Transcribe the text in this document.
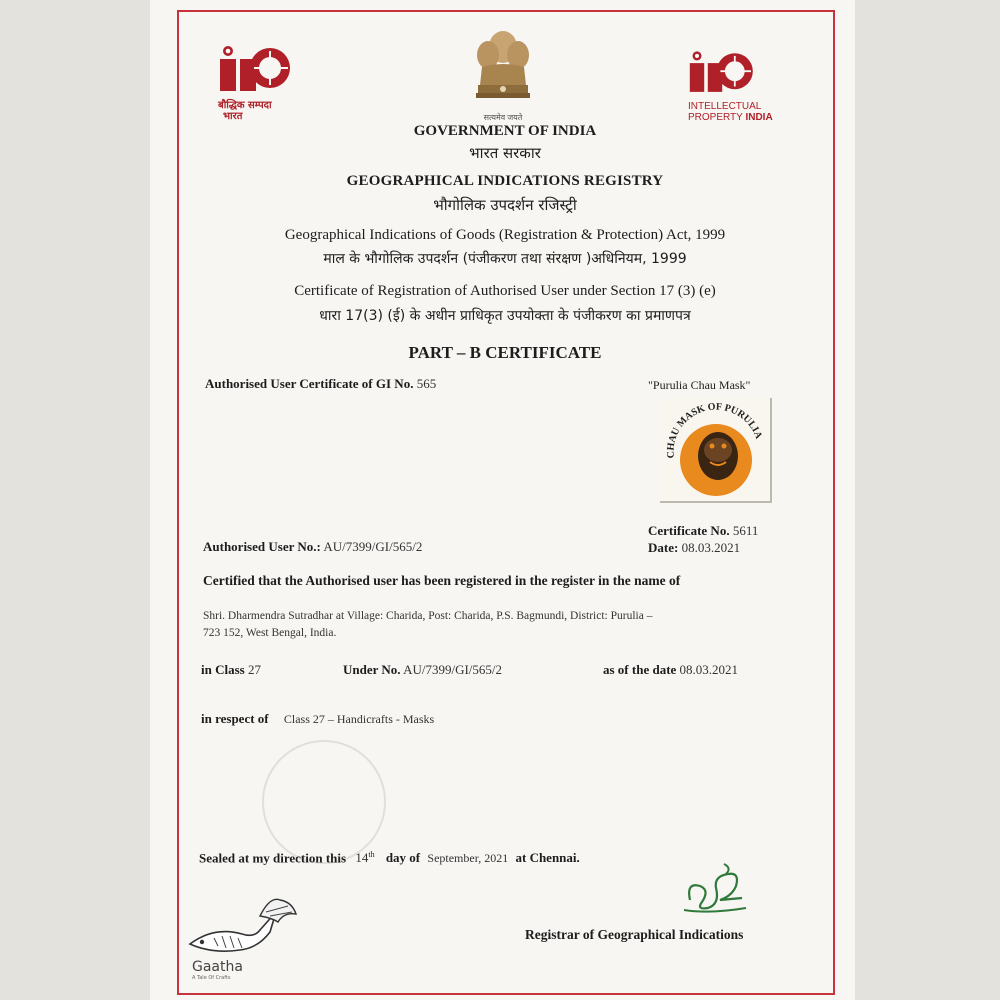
बौद्धिक सम्पदा
भारत	सत्यमेव जयते
INTELLECTUAL
PROPERTY INDIA
GOVERNMENT OF INDIA
भारत सरकार
GEOGRAPHICAL INDICATIONS REGISTRY
भौगोलिक उपदर्शन रजिस्ट्री
Geographical Indications of Goods (Registration & Protection) Act, 1999
माल के भौगोलिक उपदर्शन (पंजीकरण तथा संरक्षण )अधिनियम, 1999
Certificate of Registration of Authorised User under Section 17 (3) (e)
धारा 17(3) (ई) के अधीन प्राधिकृत उपयोक्ता के पंजीकरण का प्रमाणपत्र
PART – B CERTIFICATE
Authorised User Certificate of GI No. 565	"Purulia Chau Mask"
CHAU MASK OF PURULIA
Certificate No. 5611
Date: 08.03.2021
Authorised User No.: AU/7399/GI/565/2
Certified that the Authorised user has been registered in the register in the name of
Shri. Dharmendra Sutradhar at Village: Charida, Post: Charida, P.S. Bagmundi, District: Purulia –
723 152, West Bengal, India.
in Class 27	Under No. AU/7399/GI/565/2	as of the date 08.03.2021
in respect of Class 27 – Handicrafts - Masks
Sealed at my direction this 14th day of September, 2021 at Chennai.
Registrar of Geographical Indications
Gaatha
A Tale Of Crafts
